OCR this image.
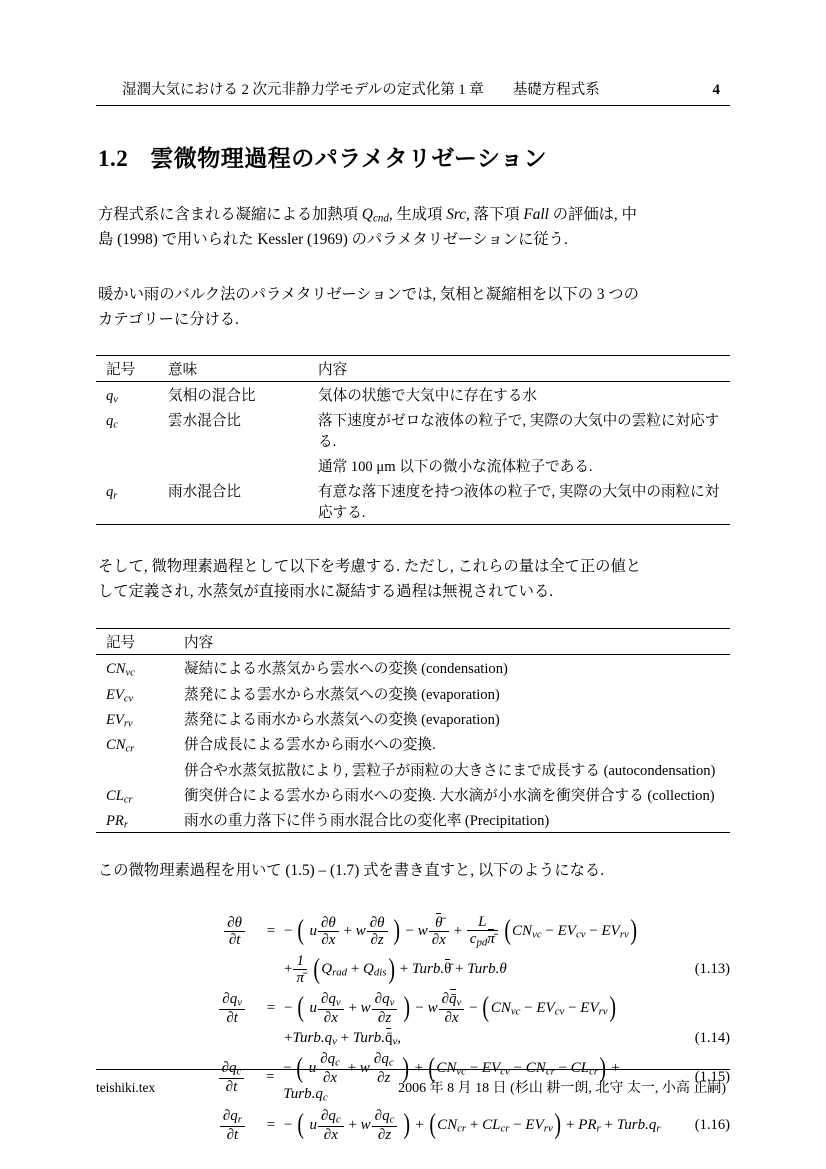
湿潤大気における 2 次元非静力学モデルの定式化第 1 章　　基礎方程式系	4
1.2 雲微物理過程のパラメタリゼーション

方程式系に含まれる凝縮による加熱項 $Q_{cnd}$, 生成項 Src, 落下項 Fall の評価は, 中
島 (1998) で用いられた Kessler (1969) のパラメタリゼーションに従う.

暖かい雨のバルク法のパラメタリゼーションでは, 気相と凝縮相を以下の 3 つの
カテゴリーに分ける.

記号	意味	内容
$q_v$	気相の混合比	気体の状態で大気中に存在する水
$q_c$	雲水混合比	落下速度がゼロな液体の粒子で, 実際の大気中の雲粒に対応する.
		通常 100 μm 以下の微小な流体粒子である.
$q_r$	雨水混合比	有意な落下速度を持つ液体の粒子で, 実際の大気中の雨粒に対応する.

そして, 微物理素過程として以下を考慮する. ただし, これらの量は全て正の値と
して定義され, 水蒸気が直接雨水に凝結する過程は無視されている.

記号	内容
$CN_{vc}$	凝結による水蒸気から雲水への変換 (condensation)
$EV_{cv}$	蒸発による雲水から水蒸気への変換 (evaporation)
$EV_{rv}$	蒸発による雨水から水蒸気への変換 (evaporation)
$CN_{cr}$	併合成長による雲水から雨水への変換.
	併合や水蒸気拡散により, 雲粒子が雨粒の大きさにまで成長する (autocondensation)
$CL_{cr}$	衝突併合による雲水から雨水への変換. 大水滴が小水滴を衝突併合する (collection)
$PR_r$	雨水の重力落下に伴う雨水混合比の変化率 (Precipitation)

この微物理素過程を用いて (1.5) – (1.7) 式を書き直すと, 以下のようになる.

$\frac{\partial\theta}{\partial t}$	= − ( u $\frac{\partial\theta}{\partial x} + w \frac{\partial\theta}{\partial z}$ ) − w $\frac{\thetā}{\partial x} + \frac{L}{c_{pd}\pī} (CN_{vc} - EV_{cv} - EV_{rv})$
+ $\frac{1}{\pī} (Q_{rad} + Q_{dis})$ + Turb.θ̄ + Turb.θ	(1.13)
$\frac{\partial q_v}{\partial t}$	= − ( u $\frac{\partial q_v}{\partial x} + w \frac{\partial q_v}{\partial z}$ ) − w $\frac{\partial q̄_v}{\partial x} - (CN_{vc} - EV_{cv} - EV_{rv})$
$+Turb.q_v$ + $Turb.q̄_v$,	(1.14)
$\frac{\partial q_c}{\partial t}$	=
− ( u $\frac{\partial q_c}{\partial x} + w \frac{\partial q_c}{\partial z}$ ) + $(CN_{vc} - EV_{cv} - CN_{cr} - CL_{cr})$ + $Turb.q_c$
(1.15)
$\frac{\partial q_r}{\partial t}$	= − ( u $\frac{\partial q_c}{\partial x} + w \frac{\partial q_c}{\partial z}$ ) + $(CN_{cr} + CL_{cr} - EV_{rv}) + PR_r$ + $Turb.q_r$	(1.16)
teishiki.tex	2006 年 8 月 18 日 (杉山 耕一朗, 北守 太一, 小高 正嗣)
